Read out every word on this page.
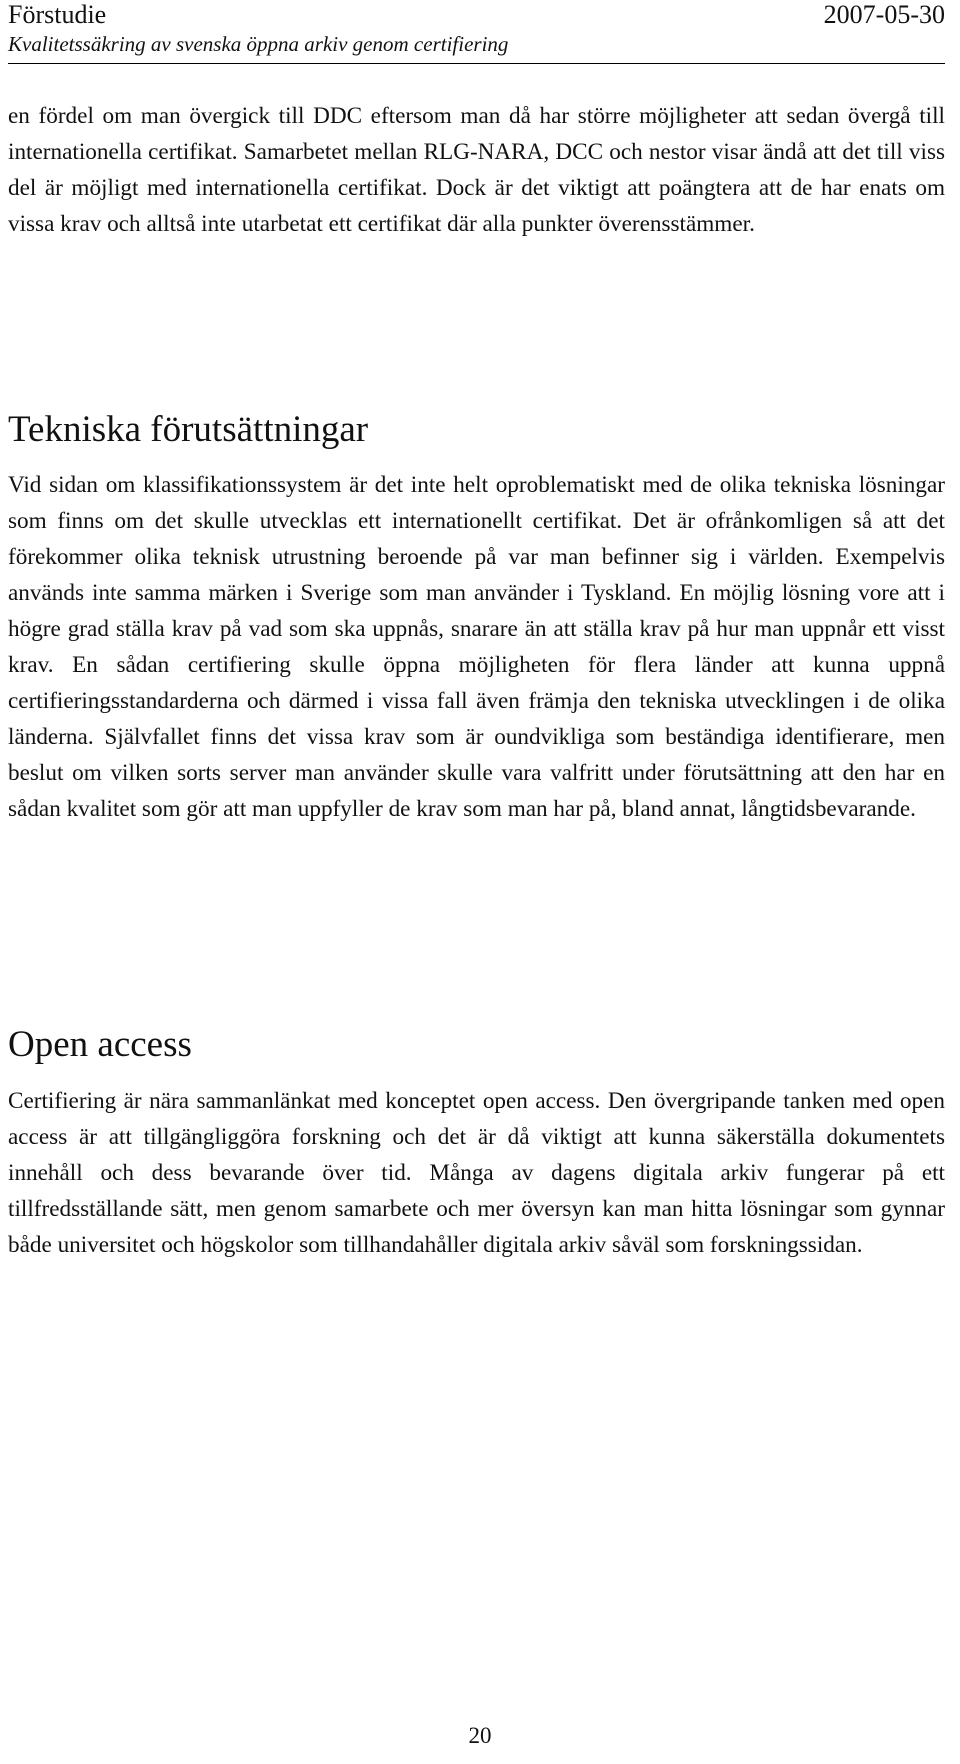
Förstudie	2007-05-30
Kvalitetssäkring av svenska öppna arkiv genom certifiering

en fördel om man övergick till DDC eftersom man då har större möjligheter att sedan övergå till internationella certifikat. Samarbetet mellan RLG-NARA, DCC och nestor visar ändå att det till viss del är möjligt med internationella certifikat. Dock är det viktigt att poängtera att de har enats om vissa krav och alltså inte utarbetat ett certifikat där alla punkter överensstämmer.

Tekniska förutsättningar

Vid sidan om klassifikationssystem är det inte helt oproblematiskt med de olika tekniska lösningar som finns om det skulle utvecklas ett internationellt certifikat. Det är ofrånkomligen så att det förekommer olika teknisk utrustning beroende på var man befinner sig i världen. Exempelvis används inte samma märken i Sverige som man använder i Tyskland. En möjlig lösning vore att i högre grad ställa krav på vad som ska uppnås, snarare än att ställa krav på hur man uppnår ett visst krav. En sådan certifiering skulle öppna möjligheten för flera länder att kunna uppnå certifieringsstandarderna och därmed i vissa fall även främja den tekniska utvecklingen i de olika länderna. Självfallet finns det vissa krav som är oundvikliga som beständiga identifierare, men beslut om vilken sorts server man använder skulle vara valfritt under förutsättning att den har en sådan kvalitet som gör att man uppfyller de krav som man har på, bland annat, långtidsbevarande.

Open access

Certifiering är nära sammanlänkat med konceptet open access. Den övergripande tanken med open access är att tillgängliggöra forskning och det är då viktigt att kunna säkerställa dokumentets innehåll och dess bevarande över tid. Många av dagens digitala arkiv fungerar på ett tillfredsställande sätt, men genom samarbete och mer översyn kan man hitta lösningar som gynnar både universitet och högskolor som tillhandahåller digitala arkiv såväl som forskningssidan.

20
